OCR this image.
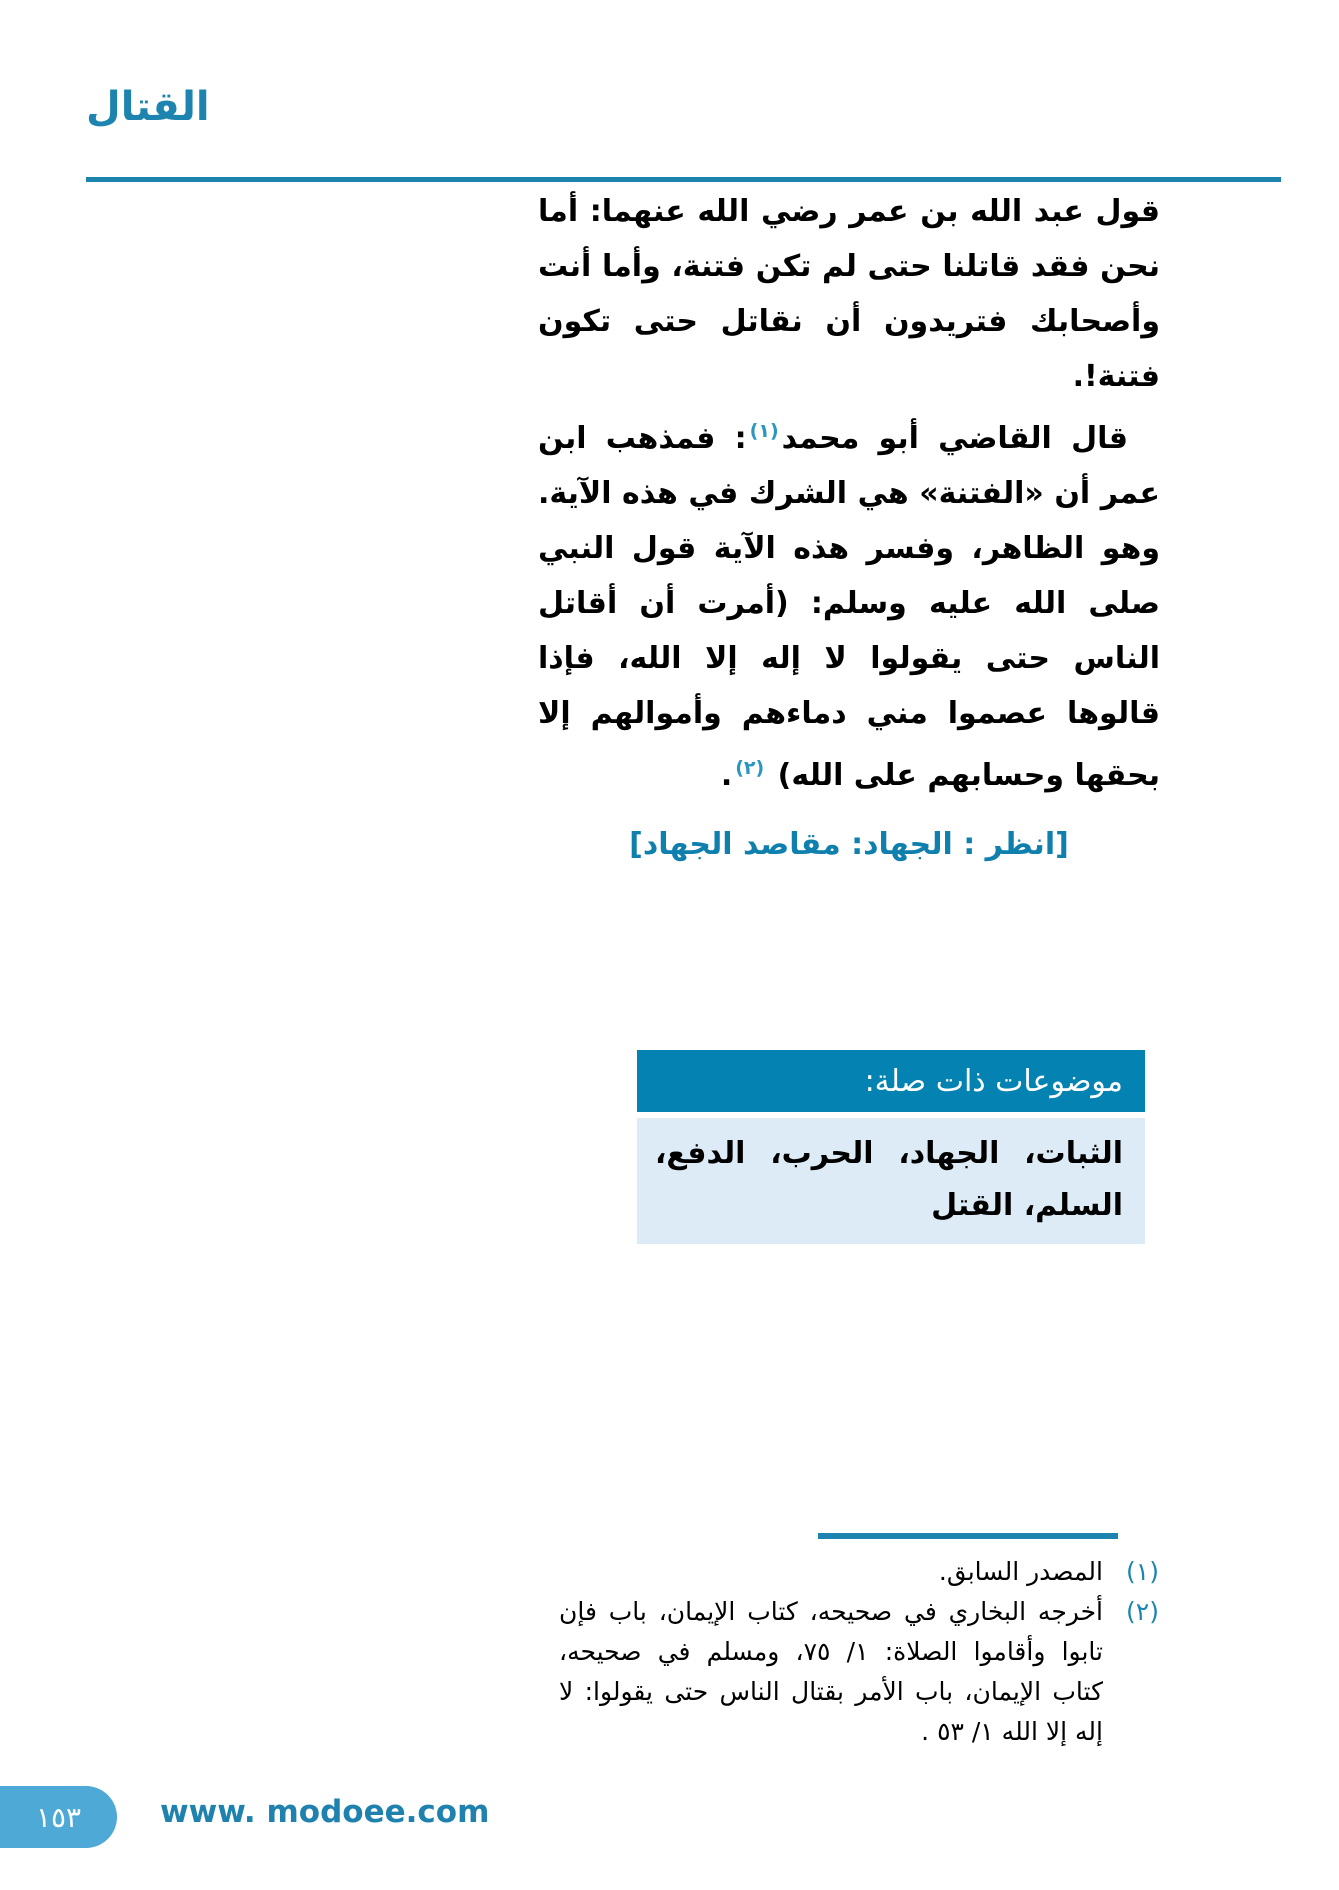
القتال

قول عبد الله بن عمر رضي الله عنهما: أما نحن فقد قاتلنا حتى لم تكن فتنة، وأما أنت وأصحابك فتريدون أن نقاتل حتى تكون فتنة!.

قال القاضي أبو محمد$^{(١)}$: فمذهب ابن عمر أن «الفتنة» هي الشرك في هذه الآية. وهو الظاهر، وفسر هذه الآية قول النبي صلى الله عليه وسلم: (أمرت أن أقاتل الناس حتى يقولوا لا إله إلا الله، فإذا قالوها عصموا مني دماءهم وأموالهم إلا بحقها وحسابهم على الله) $^{(٢)}$.

[انظر : الجهاد: مقاصد الجهاد]
موضوعات ذات صلة:
الثبات، الجهاد، الحرب، الدفع، السلم، القتل
(١)
المصدر السابق.
(٢)
أخرجه البخاري في صحيحه، كتاب الإيمان، باب فإن تابوا وأقاموا الصلاة: ١/ ٧٥، ومسلم في صحيحه، كتاب الإيمان، باب الأمر بقتال الناس حتى يقولوا: لا إله إلا الله ١/ ٥٣ .
١٥٣	www. modoee.com
